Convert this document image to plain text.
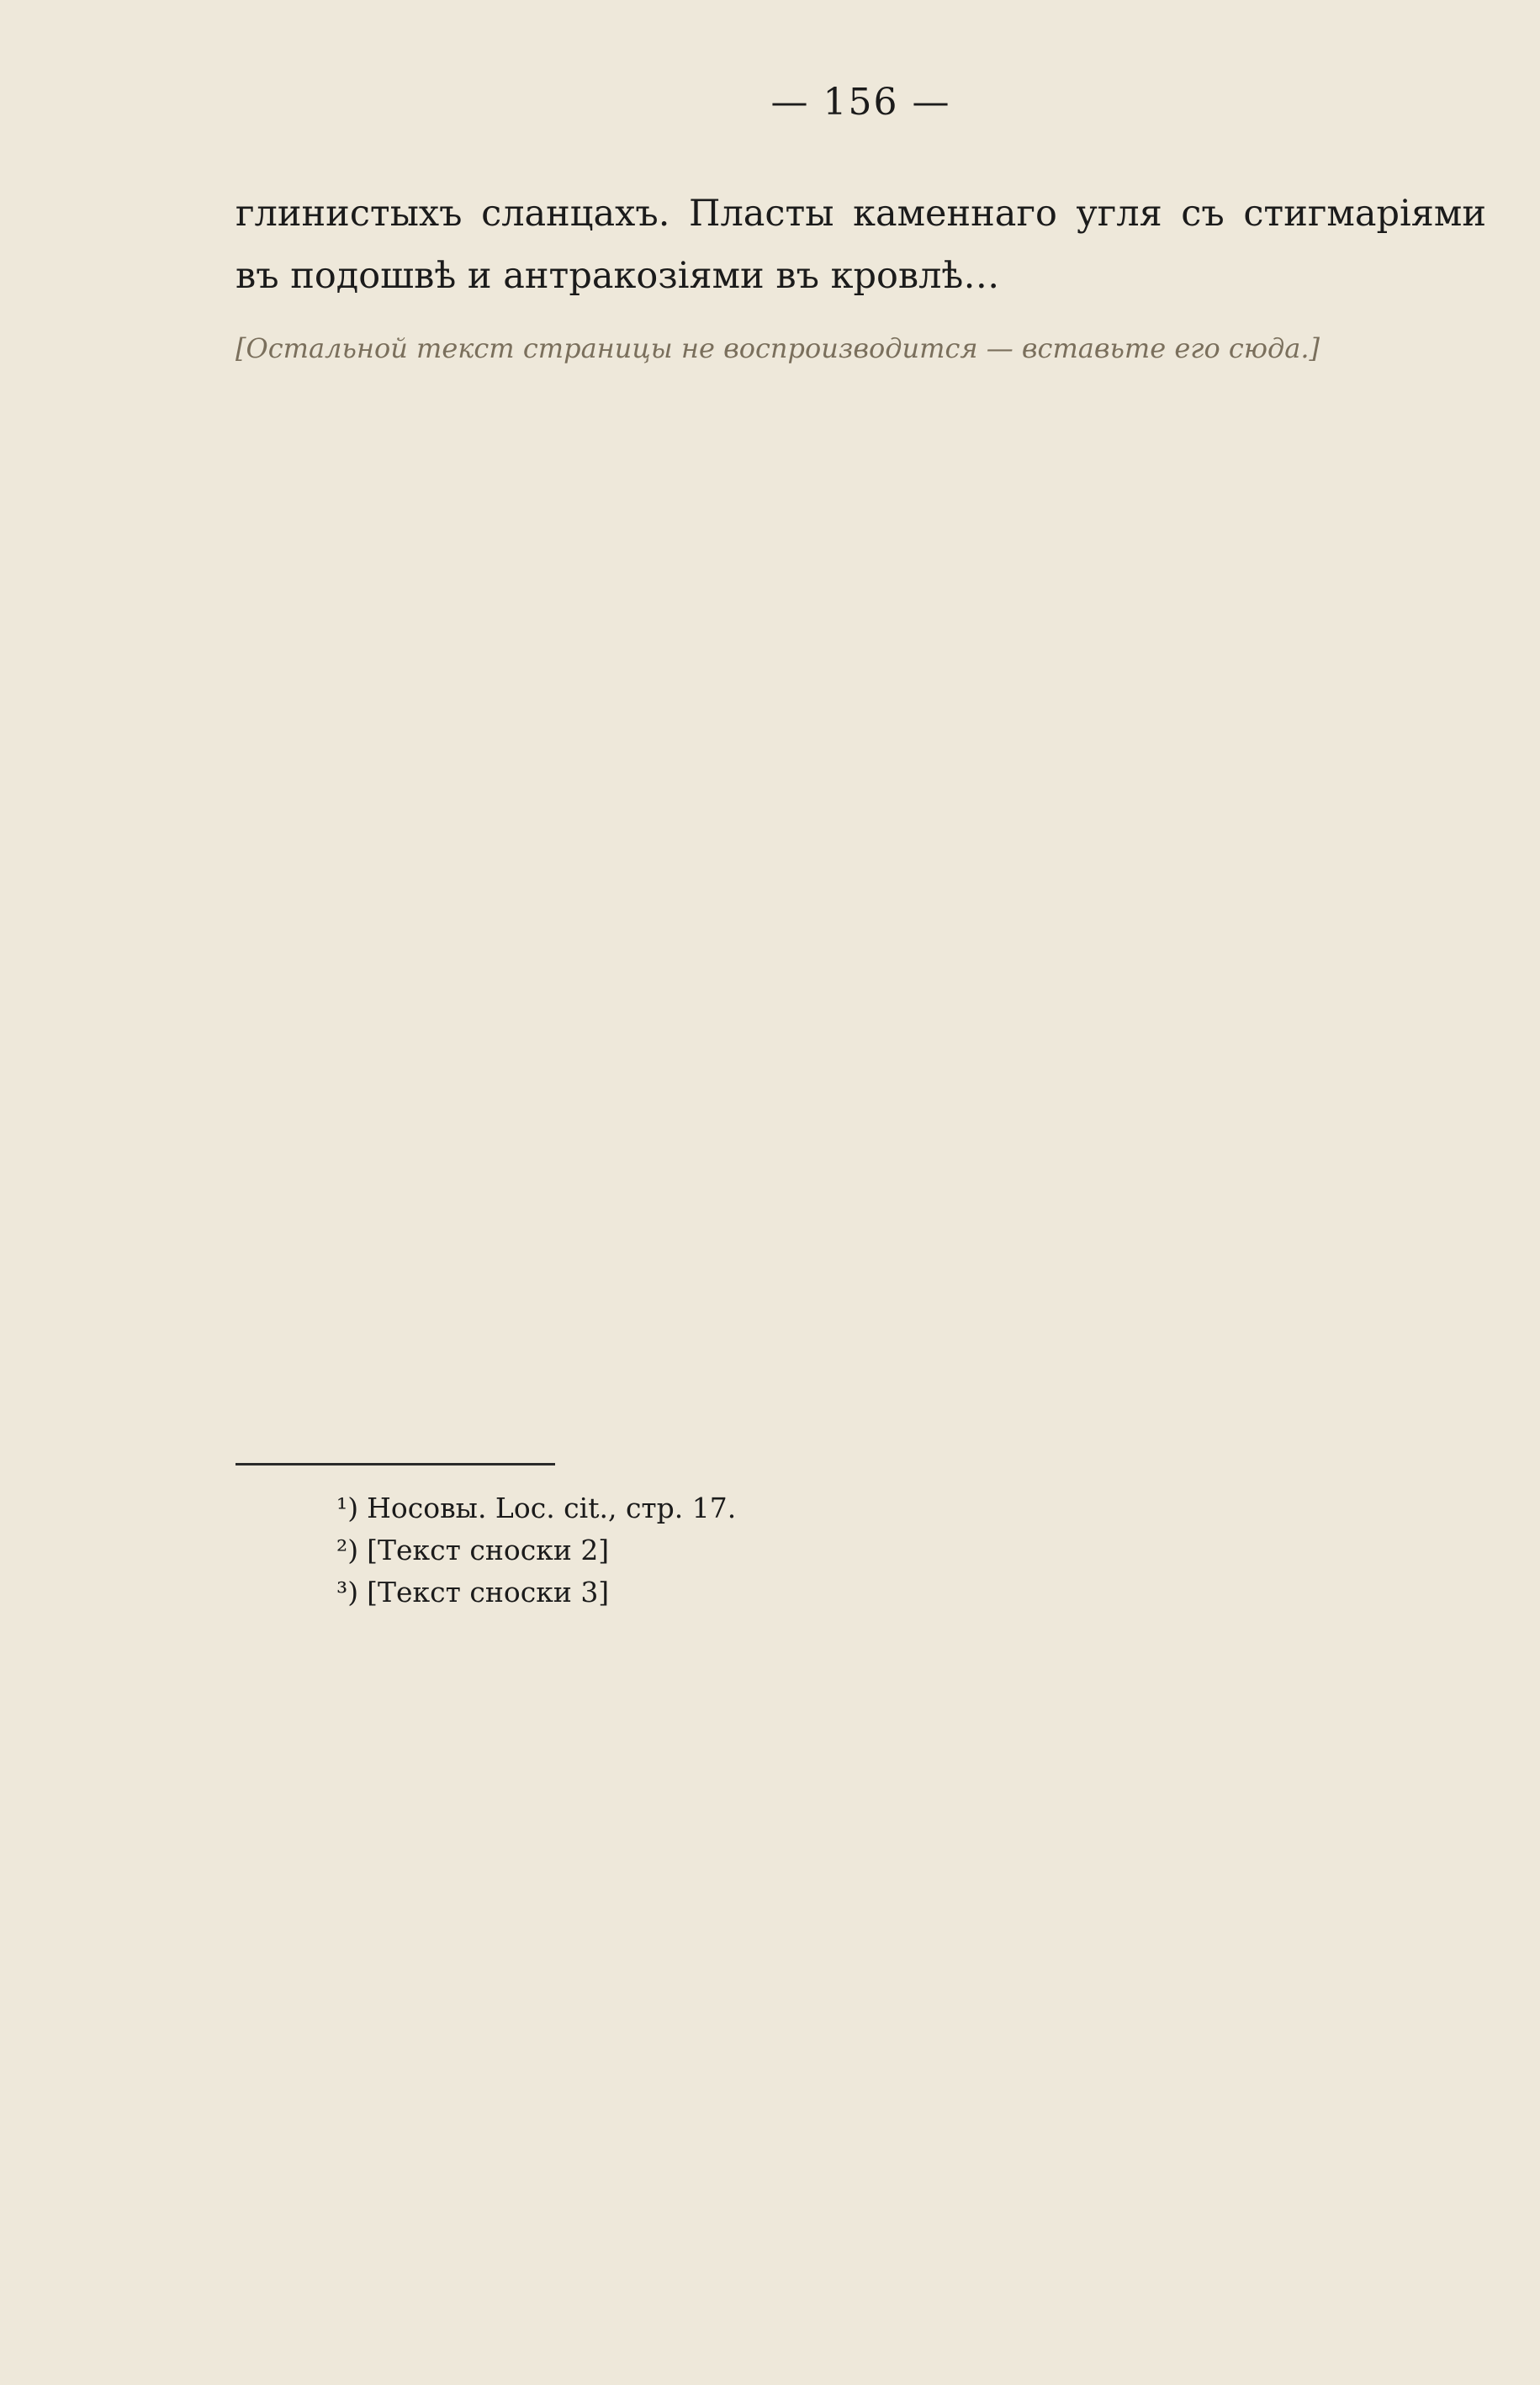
— 156 —

глинистыхъ сланцахъ. Пласты каменнаго угля съ стигмаріями въ подошвѣ и антракозіями въ кровлѣ…

[Остальной текст страницы не воспроизводится — вставьте его сюда.]

¹) Носовы. Loc. cit., стр. 17.

²) [Текст сноски 2]

³) [Текст сноски 3]
